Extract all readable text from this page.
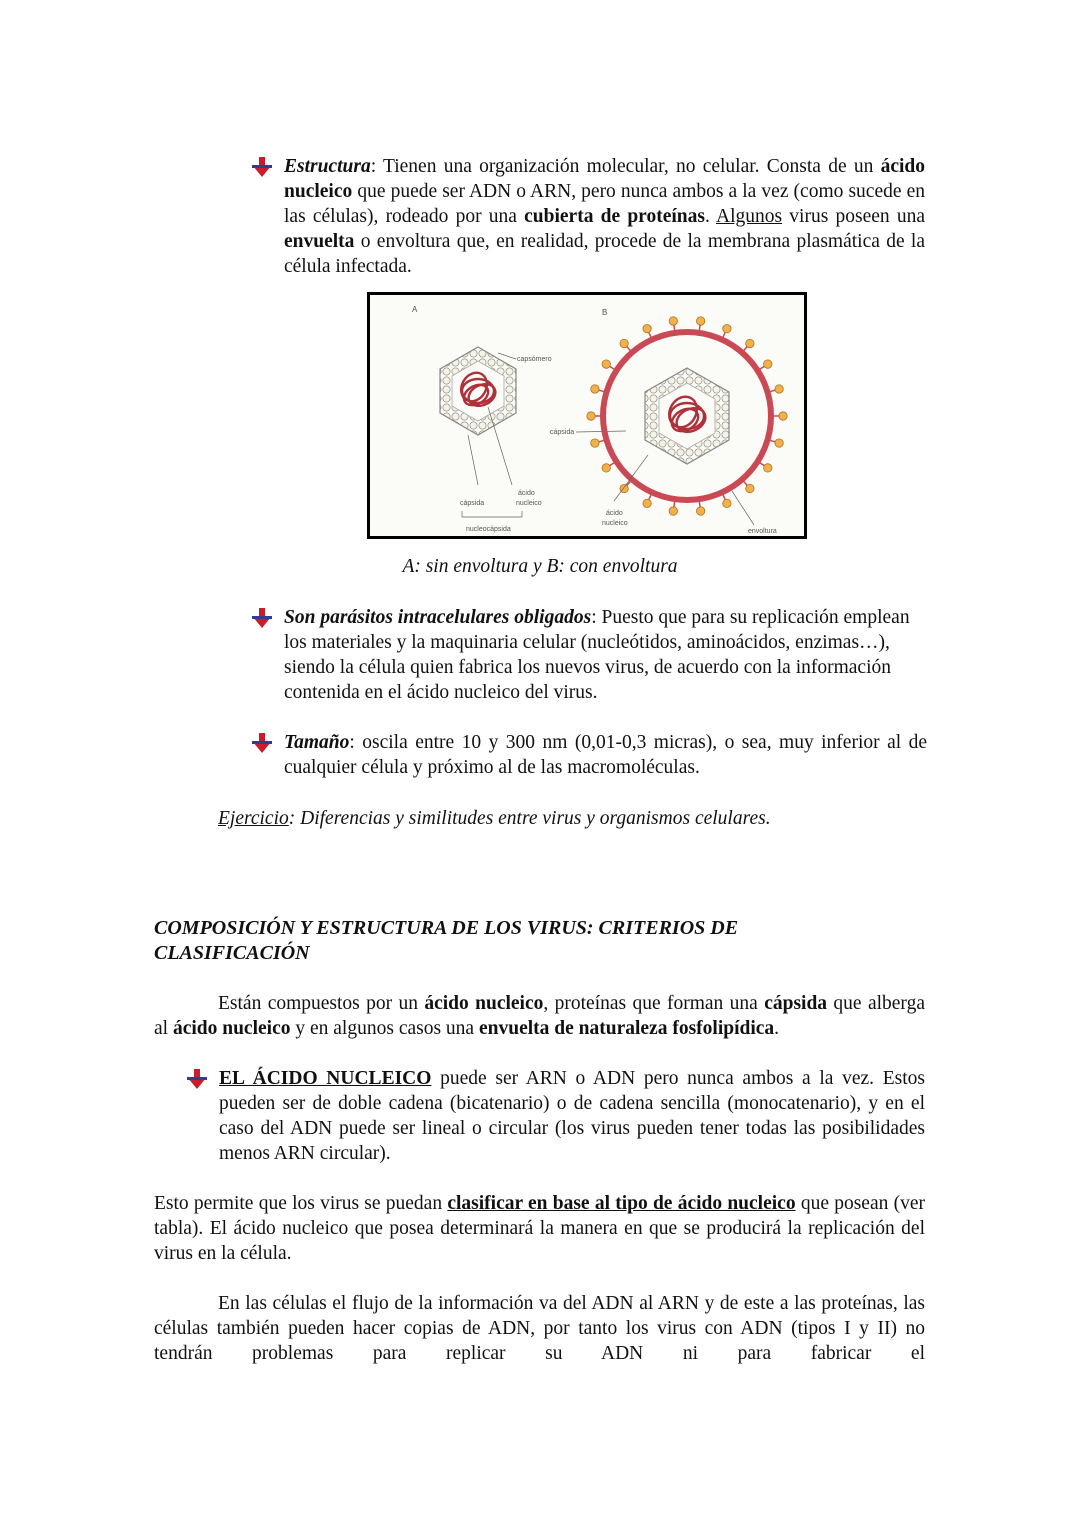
Estructura: Tienen una organización molecular, no celular. Consta de un ácido nucleico que puede ser ADN o ARN, pero nunca ambos a la vez (como sucede en las células), rodeado por una cubierta de proteínas. Algunos virus poseen una envuelta o envoltura que, en realidad, procede de la membrana plasmática de la célula infectada.
A	B
capsómero
cápsida
ácido
nucleico
nucleocápsida
cápsida
ácido
nucleico
envoltura
A: sin envoltura y B: con envoltura
Son parásitos intracelulares obligados: Puesto que para su replicación emplean los materiales y la maquinaria celular (nucleótidos, aminoácidos, enzimas…), siendo la célula quien fabrica los nuevos virus, de acuerdo con la información contenida en el ácido nucleico del virus.
Tamaño: oscila entre 10 y 300 nm (0,01-0,3 micras), o sea, muy inferior al de cualquier célula y próximo al de las macromoléculas.
Ejercicio: Diferencias y similitudes entre virus y organismos celulares.
COMPOSICIÓN Y ESTRUCTURA DE LOS VIRUS: CRITERIOS DE
CLASIFICACIÓN
Están compuestos por un ácido nucleico, proteínas que forman una cápsida que alberga al ácido nucleico y en algunos casos una envuelta de naturaleza fosfolipídica.
EL ÁCIDO NUCLEICO puede ser ARN o ADN pero nunca ambos a la vez. Estos pueden ser de doble cadena (bicatenario) o de cadena sencilla (monocatenario), y en el caso del ADN puede ser lineal o circular (los virus pueden tener todas las posibilidades menos ARN circular).
Esto permite que los virus se puedan clasificar en base al tipo de ácido nucleico que posean (ver tabla). El ácido nucleico que posea determinará la manera en que se producirá la replicación del virus en la célula.
En las células el flujo de la información va del ADN al ARN y de este a las proteínas, las células también pueden hacer copias de ADN, por tanto los virus con ADN (tipos I y II) no tendrán problemas para replicar su ADN ni para fabricar el
